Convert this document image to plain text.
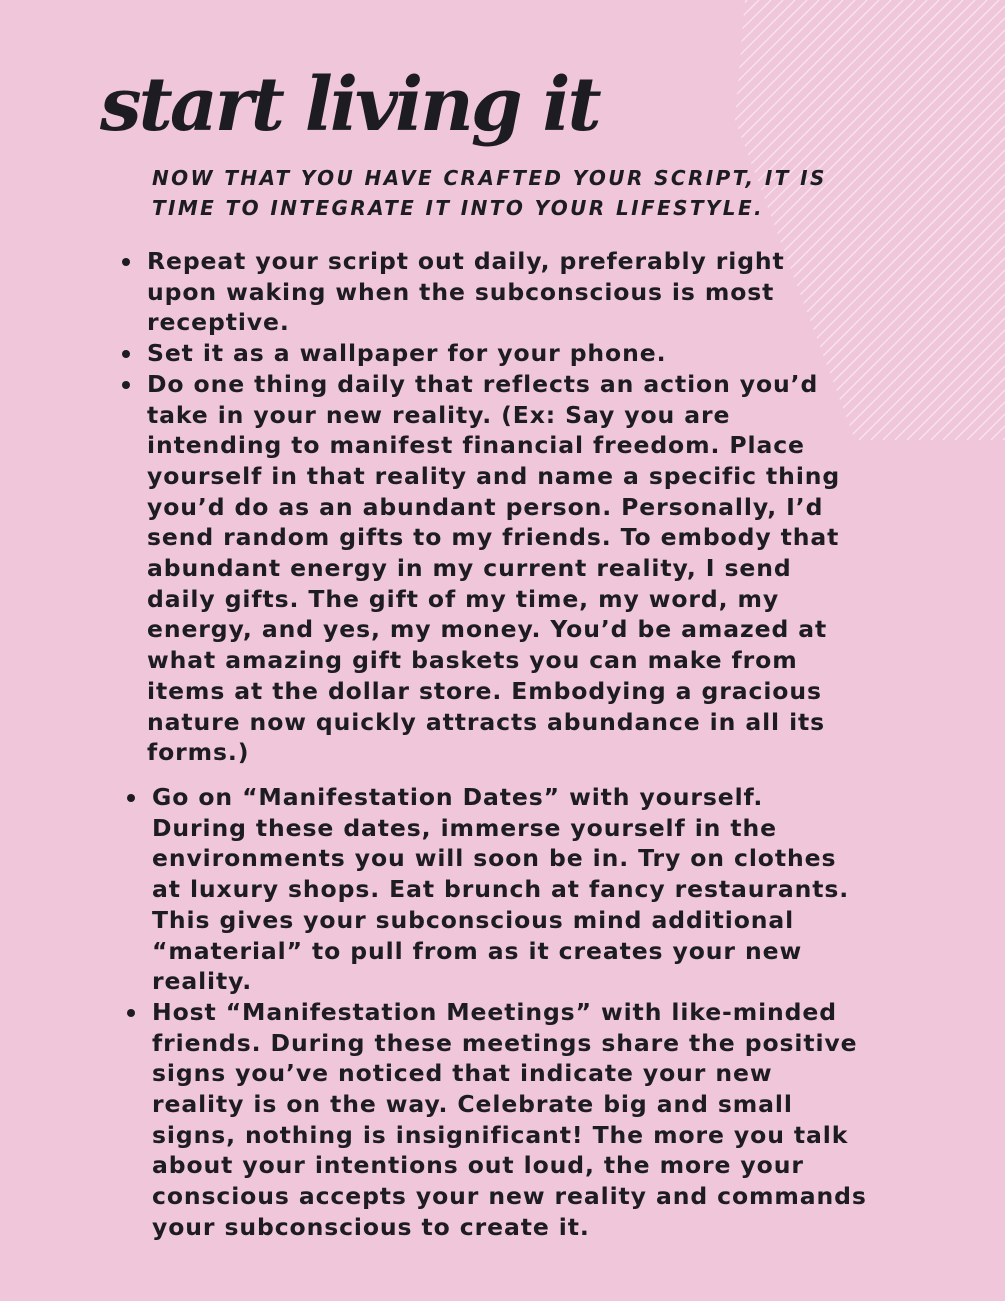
start living it

NOW THAT YOU HAVE CRAFTED YOUR SCRIPT, IT IS TIME TO INTEGRATE IT INTO YOUR LIFESTYLE.

Repeat your script out daily, preferably right upon waking when the subconscious is most receptive.
Set it as a wallpaper for your phone.
Do one thing daily that reflects an action you’d take in your new reality. (Ex: Say you are intending to manifest financial freedom. Place yourself in that reality and name a specific thing you’d do as an abundant person. Personally, I’d send random gifts to my friends. To embody that abundant energy in my current reality, I send daily gifts. The gift of my time, my word, my energy, and yes, my money. You’d be amazed at what amazing gift baskets you can make from items at the dollar store. Embodying a gracious nature now quickly attracts abundance in all its forms.)
Go on “Manifestation Dates” with yourself. During these dates, immerse yourself in the environments you will soon be in. Try on clothes at luxury shops. Eat brunch at fancy restaurants. This gives your subconscious mind additional “material” to pull from as it creates your new reality.
Host “Manifestation Meetings” with like-minded friends. During these meetings share the positive signs you’ve noticed that indicate your new reality is on the way. Celebrate big and small signs, nothing is insignificant! The more you talk about your intentions out loud, the more your conscious accepts your new reality and commands your subconscious to create it.
